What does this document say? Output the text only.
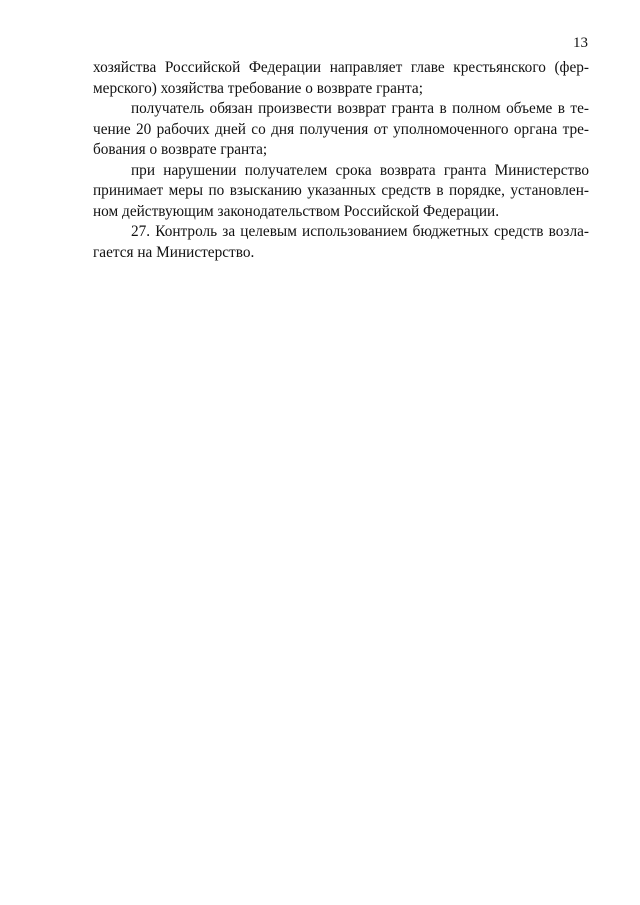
13
хозяйства Российской Федерации направляет главе крестьянского (фер-
мерского) хозяйства требование о возврате гранта;
получатель обязан произвести возврат гранта в полном объеме в те-
чение 20 рабочих дней со дня получения от уполномоченного органа тре-
бования о возврате гранта;
при нарушении получателем срока возврата гранта Министерство
принимает меры по взысканию указанных средств в порядке, установлен-
ном действующим законодательством Российской Федерации.
27. Контроль за целевым использованием бюджетных средств возла-
гается на Министерство.
